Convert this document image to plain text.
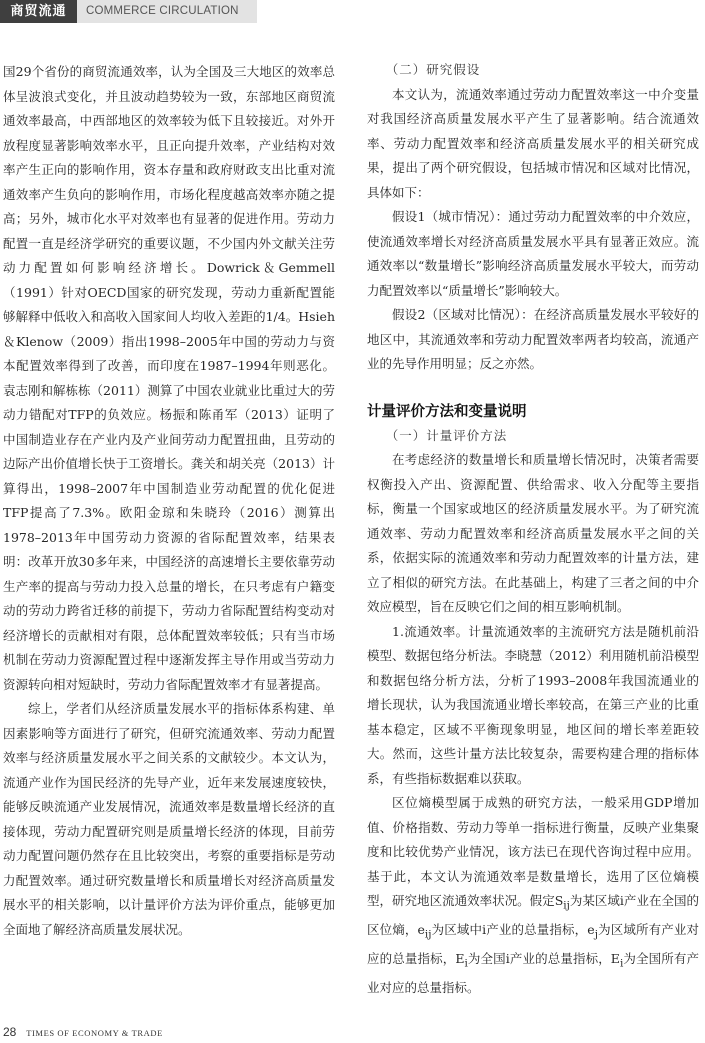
商贸流通	COMMERCE CIRCULATION

国29个省份的商贸流通效率，认为全国及三大地区的效率总体呈波浪式变化，并且波动趋势较为一致，东部地区商贸流通效率最高，中西部地区的效率较为低下且较接近。对外开放程度显著影响效率水平，且正向提升效率，产业结构对效率产生正向的影响作用，资本存量和政府财政支出比重对流通效率产生负向的影响作用，市场化程度越高效率亦随之提高；另外，城市化水平对效率也有显著的促进作用。劳动力配置一直是经济学研究的重要议题，不少国内外文献关注劳动力配置如何影响经济增长。Dowrick＆Gemmell（1991）针对OECD国家的研究发现，劳动力重新配置能够解释中低收入和高收入国家间人均收入差距的1/4。Hsieh＆Klenow（2009）指出1998–2005年中国的劳动力与资本配置效率得到了改善，而印度在1987–1994年则恶化。袁志刚和解栋栋（2011）测算了中国农业就业比重过大的劳动力错配对TFP的负效应。杨振和陈甬军（2013）证明了中国制造业存在产业内及产业间劳动力配置扭曲，且劳动的边际产出价值增长快于工资增长。龚关和胡关亮（2013）计算得出，1998–2007年中国制造业劳动配置的优化促进TFP提高了7.3%。欧阳金琼和朱晓玲（2016）测算出1978–2013年中国劳动力资源的省际配置效率，结果表明：改革开放30多年来，中国经济的高速增长主要依靠劳动生产率的提高与劳动力投入总量的增长，在只考虑有户籍变动的劳动力跨省迁移的前提下，劳动力省际配置结构变动对经济增长的贡献相对有限，总体配置效率较低；只有当市场机制在劳动力资源配置过程中逐渐发挥主导作用或当劳动力资源转向相对短缺时，劳动力省际配置效率才有显著提高。

综上，学者们从经济质量发展水平的指标体系构建、单因素影响等方面进行了研究，但研究流通效率、劳动力配置效率与经济质量发展水平之间关系的文献较少。本文认为，流通产业作为国民经济的先导产业，近年来发展速度较快，能够反映流通产业发展情况，流通效率是数量增长经济的直接体现，劳动力配置研究则是质量增长经济的体现，目前劳动力配置问题仍然存在且比较突出，考察的重要指标是劳动力配置效率。通过研究数量增长和质量增长对经济高质量发展水平的相关影响，以计量评价方法为评价重点，能够更加全面地了解经济高质量发展状况。

（二）研究假设

本文认为，流通效率通过劳动力配置效率这一中介变量对我国经济高质量发展水平产生了显著影响。结合流通效率、劳动力配置效率和经济高质量发展水平的相关研究成果，提出了两个研究假设，包括城市情况和区域对比情况，具体如下：

假设1（城市情况）：通过劳动力配置效率的中介效应，使流通效率增长对经济高质量发展水平具有显著正效应。流通效率以“数量增长”影响经济高质量发展水平较大，而劳动力配置效率以“质量增长”影响较大。

假设2（区域对比情况）：在经济高质量发展水平较好的地区中，其流通效率和劳动力配置效率两者均较高，流通产业的先导作用明显；反之亦然。

计量评价方法和变量说明

（一）计量评价方法

在考虑经济的数量增长和质量增长情况时，决策者需要权衡投入产出、资源配置、供给需求、收入分配等主要指标，衡量一个国家或地区的经济质量发展水平。为了研究流通效率、劳动力配置效率和经济高质量发展水平之间的关系，依据实际的流通效率和劳动力配置效率的计量方法，建立了相似的研究方法。在此基础上，构建了三者之间的中介效应模型，旨在反映它们之间的相互影响机制。

1.流通效率。计量流通效率的主流研究方法是随机前沿模型、数据包络分析法。李晓慧（2012）利用随机前沿模型和数据包络分析方法，分析了1993–2008年我国流通业的增长现状，认为我国流通业增长率较高，在第三产业的比重基本稳定，区域不平衡现象明显，地区间的增长率差距较大。然而，这些计量方法比较复杂，需要构建合理的指标体系，有些指标数据难以获取。

区位熵模型属于成熟的研究方法，一般采用GDP增加值、价格指数、劳动力等单一指标进行衡量，反映产业集聚度和比较优势产业情况，该方法已在现代咨询过程中应用。基于此，本文认为流通效率是数量增长，选用了区位熵模型，研究地区流通效率状况。假定$S_{ij}$为某区域i产业在全国的区位熵，$e_{ij}$为区域中i产业的总量指标，$e_j$为区域所有产业对应的总量指标，$E_i$为全国i产业的总量指标，$E_i$为全国所有产业对应的总量指标。

28 TIMES OF ECONOMY & TRADE
